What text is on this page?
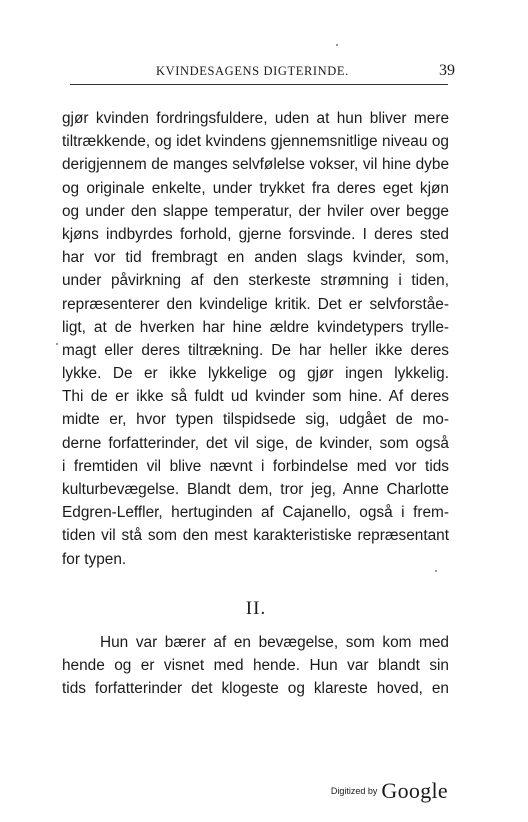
KVINDESAGENS DIGTERINDE.	39
gjør kvinden fordringsfuldere, uden at hun bliver mere
tiltrækkende, og idet kvindens gjennemsnitlige niveau og
derigjennem de manges selvfølelse vokser, vil hine dybe
og originale enkelte, under trykket fra deres eget kjøn
og under den slappe temperatur, der hviler over begge
kjøns indbyrdes forhold, gjerne forsvinde. I deres sted
har vor tid frembragt en anden slags kvinder, som,
under påvirkning af den sterkeste strømning i tiden,
repræsenterer den kvindelige kritik. Det er selvforståe-
ligt, at de hverken har hine ældre kvindetypers trylle-
magt eller deres tiltrækning. De har heller ikke deres
lykke. De er ikke lykkelige og gjør ingen lykkelig.
Thi de er ikke så fuldt ud kvinder som hine. Af deres
midte er, hvor typen tilspidsede sig, udgået de mo-
derne forfatterinder, det vil sige, de kvinder, som også
i fremtiden vil blive nævnt i forbindelse med vor tids
kulturbevægelse. Blandt dem, tror jeg, Anne Charlotte
Edgren-Leffler, hertuginden af Cajanello, også i frem-
tiden vil stå som den mest karakteristiske repræsentant
for typen.
II.
Hun var bærer af en bevægelse, som kom med
hende og er visnet med hende. Hun var blandt sin
tids forfatterinder det klogeste og klareste hoved, en
Digitized by Google
